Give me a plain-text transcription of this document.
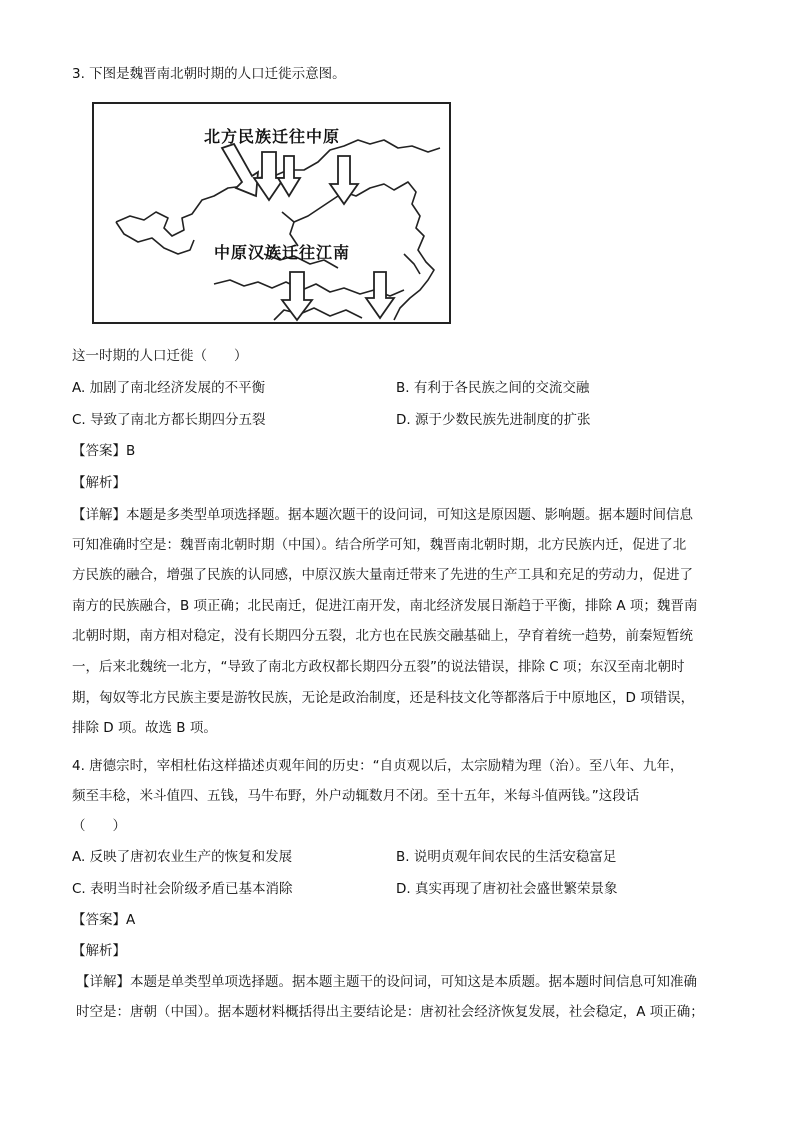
3. 下图是魏晋南北朝时期的人口迁徙示意图。
北方民族迁往中原
中原汉族迁往江南
这一时期的人口迁徙（　　）
A. 加剧了南北经济发展的不平衡	B. 有利于各民族之间的交流交融
C. 导致了南北方都长期四分五裂	D. 源于少数民族先进制度的扩张
【答案】B
【解析】
【详解】本题是多类型单项选择题。据本题次题干的设问词，可知这是原因题、影响题。据本题时间信息
可知准确时空是：魏晋南北朝时期（中国）。结合所学可知，魏晋南北朝时期，北方民族内迁，促进了北
方民族的融合，增强了民族的认同感，中原汉族大量南迁带来了先进的生产工具和充足的劳动力，促进了
南方的民族融合，B 项正确；北民南迁，促进江南开发，南北经济发展日渐趋于平衡，排除 A 项；魏晋南
北朝时期，南方相对稳定，没有长期四分五裂，北方也在民族交融基础上，孕育着统一趋势，前秦短暂统
一，后来北魏统一北方，“导致了南北方政权都长期四分五裂”的说法错误，排除 C 项；东汉至南北朝时
期，匈奴等北方民族主要是游牧民族，无论是政治制度，还是科技文化等都落后于中原地区，D 项错误，
排除 D 项。故选 B 项。
4. 唐德宗时，宰相杜佑这样描述贞观年间的历史：“自贞观以后，太宗励精为理（治）。至八年、九年，
频至丰稔，米斗值四、五钱，马牛布野，外户动辄数月不闭。至十五年，米每斗值两钱。”这段话
（　　）
A. 反映了唐初农业生产的恢复和发展	B. 说明贞观年间农民的生活安稳富足
C. 表明当时社会阶级矛盾已基本消除	D. 真实再现了唐初社会盛世繁荣景象
【答案】A
【解析】
【详解】本题是单类型单项选择题。据本题主题干的设问词，可知这是本质题。据本题时间信息可知准确
时空是：唐朝（中国）。据本题材料概括得出主要结论是：唐初社会经济恢复发展，社会稳定，A 项正确；
